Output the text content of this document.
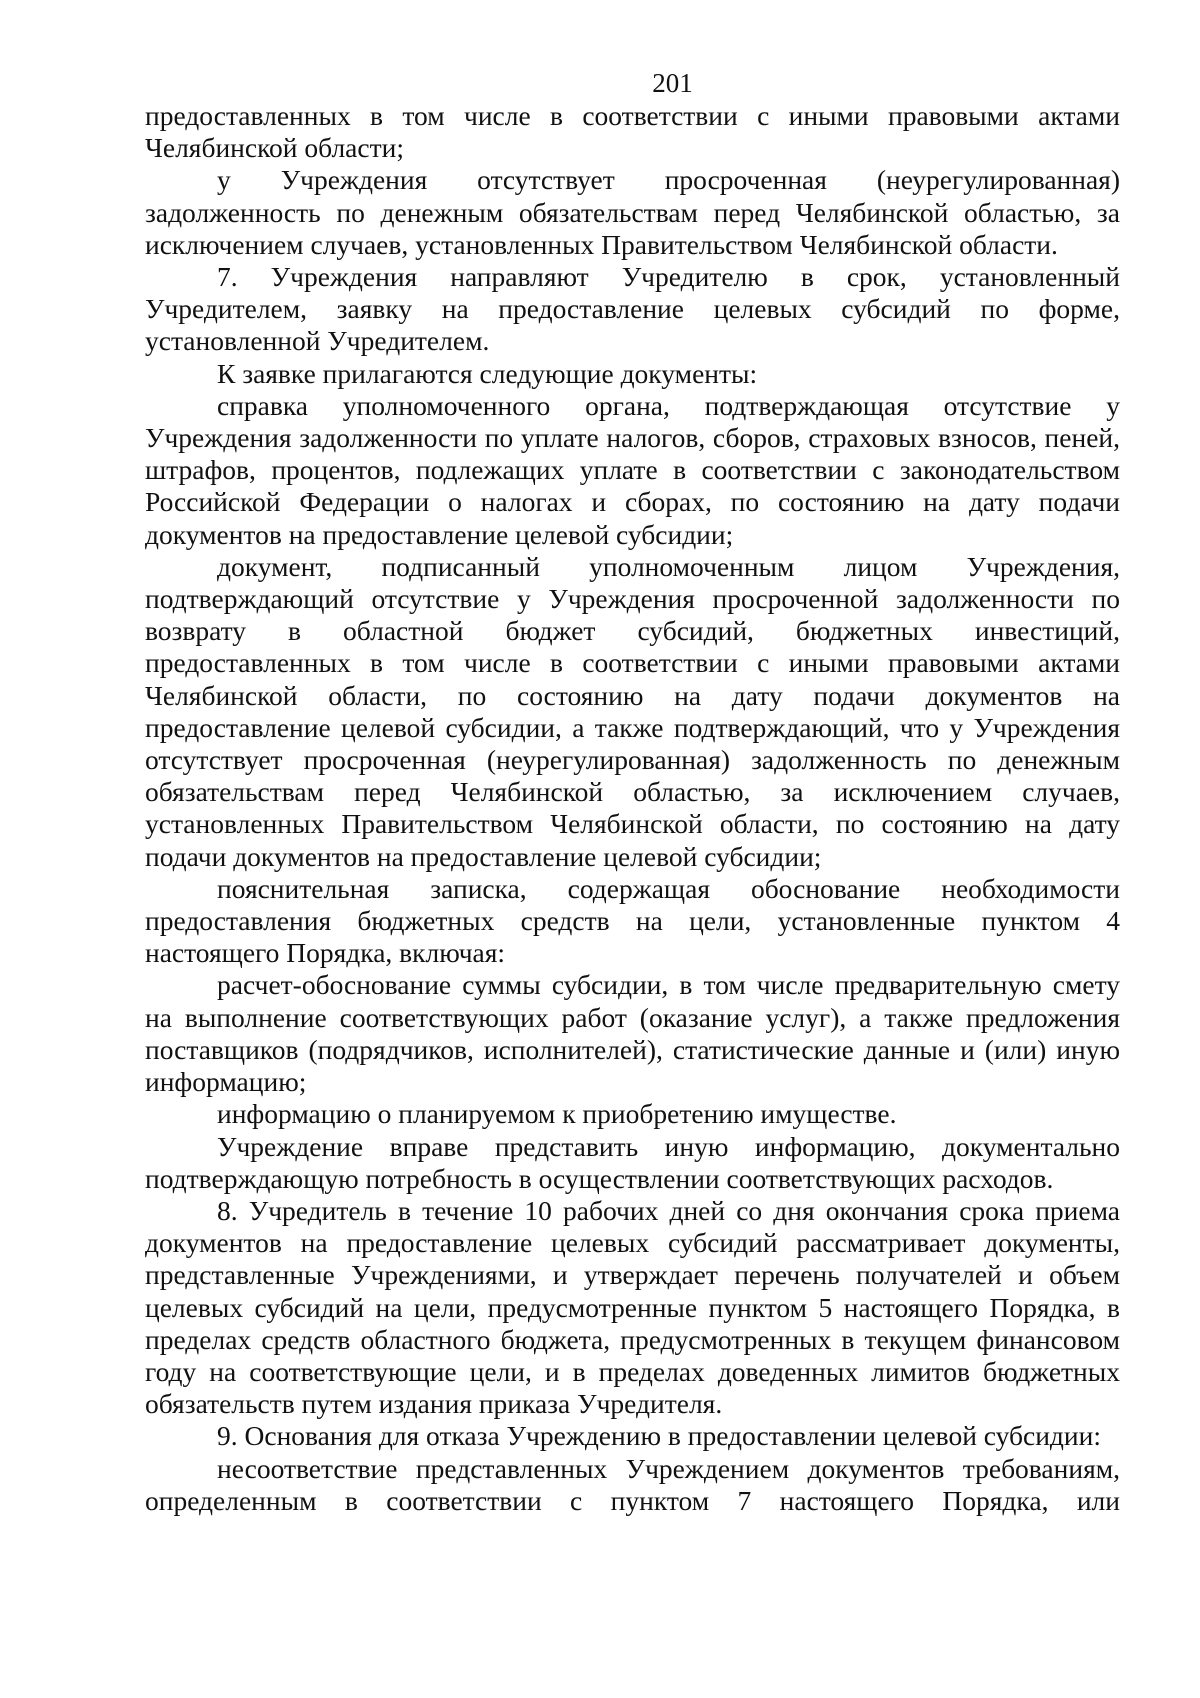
201

предоставленных в том числе в соответствии с иными правовыми актами Челябинской области;

у Учреждения отсутствует просроченная (неурегулированная) задолженность по денежным обязательствам перед Челябинской областью, за исключением случаев, установленных Правительством Челябинской области.

7. Учреждения направляют Учредителю в срок, установленный Учредителем, заявку на предоставление целевых субсидий по форме, установленной Учредителем.

К заявке прилагаются следующие документы:

справка уполномоченного органа, подтверждающая отсутствие у Учреждения задолженности по уплате налогов, сборов, страховых взносов, пеней, штрафов, процентов, подлежащих уплате в соответствии с законодательством Российской Федерации о налогах и сборах, по состоянию на дату подачи документов на предоставление целевой субсидии;

документ, подписанный уполномоченным лицом Учреждения, подтверждающий отсутствие у Учреждения просроченной задолженности по возврату в областной бюджет субсидий, бюджетных инвестиций, предоставленных в том числе в соответствии с иными правовыми актами Челябинской области, по состоянию на дату подачи документов на предоставление целевой субсидии, а также подтверждающий, что у Учреждения отсутствует просроченная (неурегулированная) задолженность по денежным обязательствам перед Челябинской областью, за исключением случаев, установленных Правительством Челябинской области, по состоянию на дату подачи документов на предоставление целевой субсидии;

пояснительная записка, содержащая обоснование необходимости предоставления бюджетных средств на цели, установленные пунктом 4 настоящего Порядка, включая:

расчет-обоснование суммы субсидии, в том числе предварительную смету на выполнение соответствующих работ (оказание услуг), а также предложения поставщиков (подрядчиков, исполнителей), статистические данные и (или) иную информацию;

информацию о планируемом к приобретению имуществе.

Учреждение вправе представить иную информацию, документально подтверждающую потребность в осуществлении соответствующих расходов.

8. Учредитель в течение 10 рабочих дней со дня окончания срока приема документов на предоставление целевых субсидий рассматривает документы, представленные Учреждениями, и утверждает перечень получателей и объем целевых субсидий на цели, предусмотренные пунктом 5 настоящего Порядка, в пределах средств областного бюджета, предусмотренных в текущем финансовом году на соответствующие цели, и в пределах доведенных лимитов бюджетных обязательств путем издания приказа Учредителя.

9. Основания для отказа Учреждению в предоставлении целевой субсидии:

несоответствие представленных Учреждением документов требованиям, определенным в соответствии с пунктом 7 настоящего Порядка, или
